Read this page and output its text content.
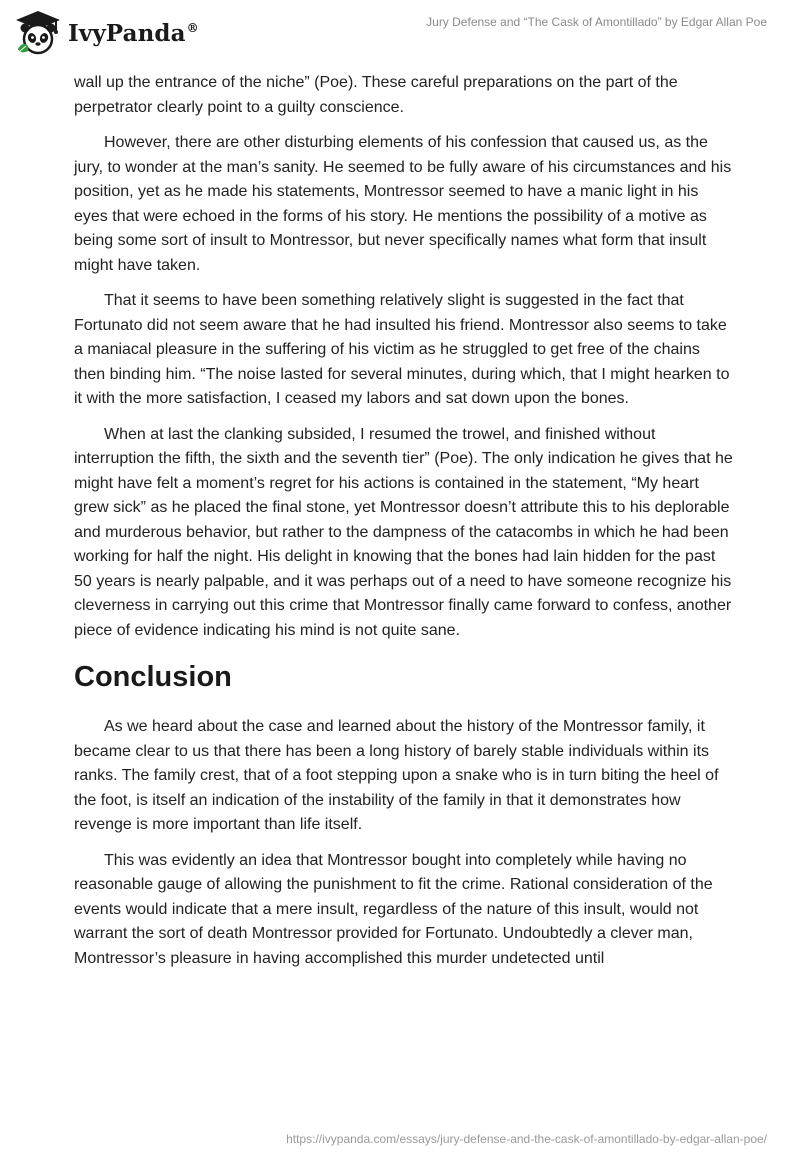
IvyPanda®	Jury Defense and “The Cask of Amontillado” by Edgar Allan Poe

wall up the entrance of the niche” (Poe). These careful preparations on the part of the perpetrator clearly point to a guilty conscience.

However, there are other disturbing elements of his confession that caused us, as the jury, to wonder at the man’s sanity. He seemed to be fully aware of his circumstances and his position, yet as he made his statements, Montressor seemed to have a manic light in his eyes that were echoed in the forms of his story. He mentions the possibility of a motive as being some sort of insult to Montressor, but never specifically names what form that insult might have taken.

That it seems to have been something relatively slight is suggested in the fact that Fortunato did not seem aware that he had insulted his friend. Montressor also seems to take a maniacal pleasure in the suffering of his victim as he struggled to get free of the chains then binding him. “The noise lasted for several minutes, during which, that I might hearken to it with the more satisfaction, I ceased my labors and sat down upon the bones.

When at last the clanking subsided, I resumed the trowel, and finished without interruption the fifth, the sixth and the seventh tier” (Poe). The only indication he gives that he might have felt a moment’s regret for his actions is contained in the statement, “My heart grew sick” as he placed the final stone, yet Montressor doesn’t attribute this to his deplorable and murderous behavior, but rather to the dampness of the catacombs in which he had been working for half the night. His delight in knowing that the bones had lain hidden for the past 50 years is nearly palpable, and it was perhaps out of a need to have someone recognize his cleverness in carrying out this crime that Montressor finally came forward to confess, another piece of evidence indicating his mind is not quite sane.

Conclusion

As we heard about the case and learned about the history of the Montressor family, it became clear to us that there has been a long history of barely stable individuals within its ranks. The family crest, that of a foot stepping upon a snake who is in turn biting the heel of the foot, is itself an indication of the instability of the family in that it demonstrates how revenge is more important than life itself.

This was evidently an idea that Montressor bought into completely while having no reasonable gauge of allowing the punishment to fit the crime. Rational consideration of the events would indicate that a mere insult, regardless of the nature of this insult, would not warrant the sort of death Montressor provided for Fortunato. Undoubtedly a clever man, Montressor’s pleasure in having accomplished this murder undetected until

https://ivypanda.com/essays/jury-defense-and-the-cask-of-amontillado-by-edgar-allan-poe/
